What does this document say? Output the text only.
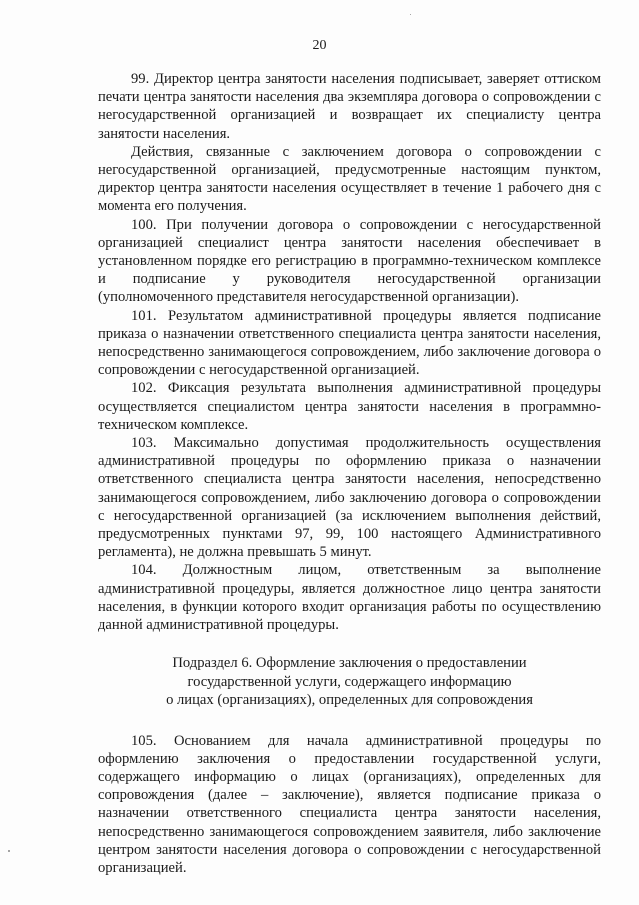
20

99. Директор центра занятости населения подписывает, заверяет оттиском печати центра занятости населения два экземпляра договора о сопровождении с негосударственной организацией и возвращает их специалисту центра занятости населения.

Действия, связанные с заключением договора о сопровождении с негосударственной организацией, предусмотренные настоящим пунктом, директор центра занятости населения осуществляет в течение 1 рабочего дня с момента его получения.

100. При получении договора о сопровождении с негосударственной организацией специалист центра занятости населения обеспечивает в установленном порядке его регистрацию в программно-техническом комплексе и подписание у руководителя негосударственной организации (уполномоченного представителя негосударственной организации).

101. Результатом административной процедуры является подписание приказа о назначении ответственного специалиста центра занятости населения, непосредственно занимающегося сопровождением, либо заключение договора о сопровождении с негосударственной организацией.

102. Фиксация результата выполнения административной процедуры осуществляется специалистом центра занятости населения в программно-техническом комплексе.

103. Максимально допустимая продолжительность осуществления административной процедуры по оформлению приказа о назначении ответственного специалиста центра занятости населения, непосредственно занимающегося сопровождением, либо заключению договора о сопровождении с негосударственной организацией (за исключением выполнения действий, предусмотренных пунктами 97, 99, 100 настоящего Административного регламента), не должна превышать 5 минут.

104. Должностным лицом, ответственным за выполнение административной процедуры, является должностное лицо центра занятости населения, в функции которого входит организация работы по осуществлению данной административной процедуры.

Подраздел 6. Оформление заключения о предоставлении
государственной услуги, содержащего информацию
о лицах (организациях), определенных для сопровождения

105. Основанием для начала административной процедуры по оформлению заключения о предоставлении государственной услуги, содержащего информацию о лицах (организациях), определенных для сопровождения (далее – заключение), является подписание приказа о назначении ответственного специалиста центра занятости населения, непосредственно занимающегося сопровождением заявителя, либо заключение центром занятости населения договора о сопровождении с негосударственной организацией.
